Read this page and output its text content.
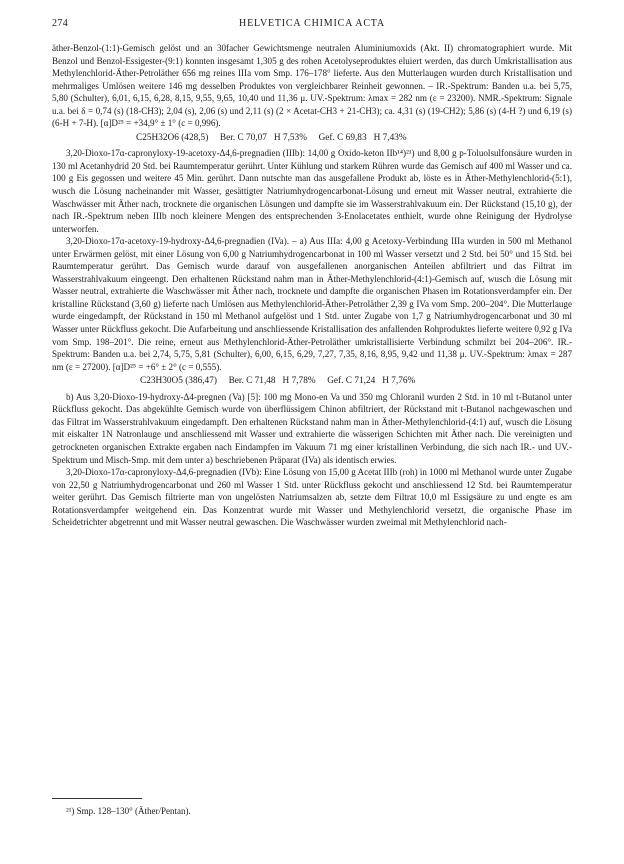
HELVETICA CHIMICA ACTA
274

äther-Benzol-(1:1)-Gemisch gelöst und an 30facher Gewichtsmenge neutralen Aluminiumoxids (Akt. II) chromatographiert wurde. Mit Benzol und Benzol-Essigester-(9:1) konnten insgesamt 1,305 g des rohen Acetolyseproduktes eluiert werden, das durch Umkristallisation aus Methylenchlorid-Äther-Petroläther 656 mg reines IIIa vom Smp. 176–178° lieferte. Aus den Mutterlaugen wurden durch Kristallisation und mehrmaliges Umlösen weitere 146 mg desselben Produktes von vergleichbarer Reinheit gewonnen. – IR.-Spektrum: Banden u.a. bei 5,75, 5,80 (Schulter), 6,01, 6,15, 6,28, 8,15, 9,55, 9,65, 10,40 und 11,36 μ. UV.-Spektrum: λmax = 282 nm (ε = 23200). NMR.-Spektrum: Signale u.a. bei δ = 0,74 (s) (18-CH3); 2,04 (s), 2,06 (s) und 2,11 (s) (2 × Acetat-CH3 + 21-CH3); ca. 4,31 (s) (19-CH2); 5,86 (s) (4-H ?) und 6,19 (s) (6-H + 7-H). [α]D²⁵ = +34,9° ± 1° (c = 0,996).

C25H32O6 (428,5)     Ber. C 70,07   H 7,53%     Gef. C 69,83   H 7,43%

3,20-Dioxo-17α-capronyloxy-19-acetoxy-Δ4,6-pregnadien (IIIb): 14,00 g Oxido-keton IIb¹⁴)²¹) und 8,00 g p-Toluolsulfonsäure wurden in 130 ml Acetanhydrid 20 Std. bei Raumtemperatur gerührt. Unter Kühlung und starkem Rühren wurde das Gemisch auf 400 ml Wasser und ca. 100 g Eis gegossen und weitere 45 Min. gerührt. Dann nutschte man das ausgefallene Produkt ab, löste es in Äther-Methylenchlorid-(5:1), wusch die Lösung nacheinander mit Wasser, gesättigter Natriumhydrogencarbonat-Lösung und erneut mit Wasser neutral, extrahierte die Waschwässer mit Äther nach, trocknete die organischen Lösungen und dampfte sie im Wasserstrahlvakuum ein. Der Rückstand (15,10 g), der nach IR.-Spektrum neben IIIb noch kleinere Mengen des entsprechenden 3-Enolacetates enthielt, wurde ohne Reinigung der Hydrolyse unterworfen.

3,20-Dioxo-17α-acetoxy-19-hydroxy-Δ4,6-pregnadien (IVa). – a) Aus IIIa: 4,00 g Acetoxy-Verbindung IIIa wurden in 500 ml Methanol unter Erwärmen gelöst, mit einer Lösung von 6,00 g Natriumhydrogencarbonat in 100 ml Wasser versetzt und 2 Std. bei 50° und 15 Std. bei Raumtemperatur gerührt. Das Gemisch wurde darauf von ausgefallenen anorganischen Anteilen abfiltriert und das Filtrat im Wasserstrahlvakuum eingeengt. Den erhaltenen Rückstand nahm man in Äther-Methylenchlorid-(4:1)-Gemisch auf, wusch die Lösung mit Wasser neutral, extrahierte die Waschwässer mit Äther nach, trocknete und dampfte die organischen Phasen im Rotationsverdampfer ein. Der kristalline Rückstand (3,60 g) lieferte nach Umlösen aus Methylenchlorid-Äther-Petroläther 2,39 g IVa vom Smp. 200–204°. Die Mutterlauge wurde eingedampft, der Rückstand in 150 ml Methanol aufgelöst und 1 Std. unter Zugabe von 1,7 g Natriumhydrogencarbonat und 30 ml Wasser unter Rückfluss gekocht. Die Aufarbeitung und anschliessende Kristallisation des anfallenden Rohproduktes lieferte weitere 0,92 g IVa vom Smp. 198–201°. Die reine, erneut aus Methylenchlorid-Äther-Petroläther umkristallisierte Verbindung schmilzt bei 204–206°. IR.-Spektrum: Banden u.a. bei 2,74, 5,75, 5,81 (Schulter), 6,00, 6,15, 6,29, 7,27, 7,35, 8,16, 8,95, 9,42 und 11,38 μ. UV.-Spektrum: λmax = 287 nm (ε = 27200). [α]D²⁵ = +6° ± 2° (c = 0,555).

C23H30O5 (386,47)     Ber. C 71,48   H 7,78%     Gef. C 71,24   H 7,76%

b) Aus 3,20-Dioxo-19-hydroxy-Δ4-pregnen (Va) [5]: 100 mg Mono-en Va und 350 mg Chloranil wurden 2 Std. in 10 ml t-Butanol unter Rückfluss gekocht. Das abgekühlte Gemisch wurde von überflüssigem Chinon abfiltriert, der Rückstand mit t-Butanol nachgewaschen und das Filtrat im Wasserstrahlvakuum eingedampft. Den erhaltenen Rückstand nahm man in Äther-Methylenchlorid-(4:1) auf, wusch die Lösung mit eiskalter 1N Natronlauge und anschliessend mit Wasser und extrahierte die wässerigen Schichten mit Äther nach. Die vereinigten und getrockneten organischen Extrakte ergaben nach Eindampfen im Vakuum 71 mg einer kristallinen Verbindung, die sich nach IR.- und UV.-Spektrum und Misch-Smp. mit dem unter a) beschriebenen Präparat (IVa) als identisch erwies.

3,20-Dioxo-17α-capronyloxy-Δ4,6-pregnadien (IVb): Eine Lösung von 15,00 g Acetat IIIb (roh) in 1000 ml Methanol wurde unter Zugabe von 22,50 g Natriumhydrogencarbonat und 260 ml Wasser 1 Std. unter Rückfluss gekocht und anschliessend 12 Std. bei Raumtemperatur weiter gerührt. Das Gemisch filtrierte man von ungelösten Natriumsalzen ab, setzte dem Filtrat 10,0 ml Essigsäure zu und engte es am Rotationsverdampfer weitgehend ein. Das Konzentrat wurde mit Wasser und Methylenchlorid versetzt, die organische Phase im Scheidetrichter abgetrennt und mit Wasser neutral gewaschen. Die Waschwässer wurden zweimal mit Methylenchlorid nach-

²¹) Smp. 128–130° (Äther/Pentan).
